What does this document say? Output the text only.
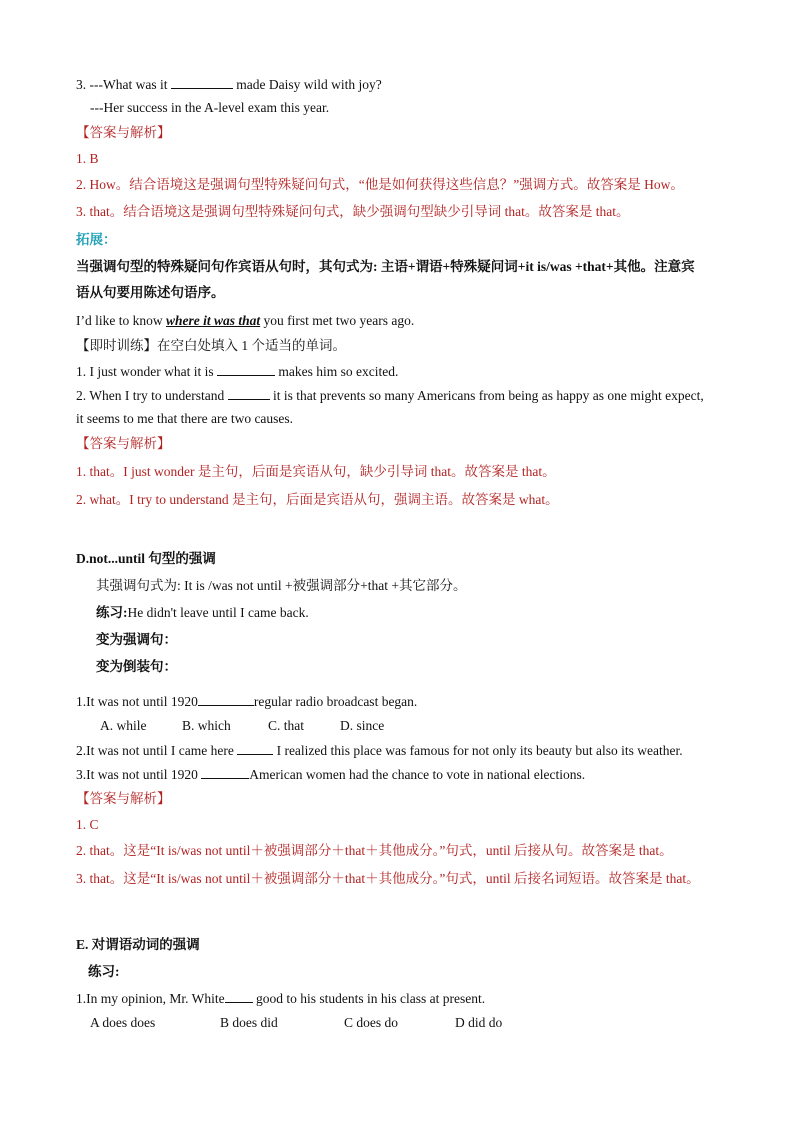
3. ---What was it	made Daisy wild with joy?
---Her success in the A-level exam this year.
【答案与解析】
1. B
2. How。结合语境这是强调句型特殊疑问句式，“他是如何获得这些信息？”强调方式。故答案是 How。
3. that。结合语境这是强调句型特殊疑问句式，缺少强调句型缺少引导词 that。故答案是 that。
拓展：
当强调句型的特殊疑问句作宾语从句时，其句式为: 主语+谓语+特殊疑问词+it is/was +that+其他。注意宾
语从句要用陈述句语序。
I’d like to know where it was that you first met two years ago.
【即时训练】在空白处填入 1 个适当的单词。
1. I just wonder what it is	makes him so excited.
2. When I try to understand	it is that prevents so many Americans from being as happy as one might expect,
it seems to me that there are two causes.
【答案与解析】
1. that。I just wonder 是主句，后面是宾语从句，缺少引导词 that。故答案是 that。
2. what。I try to understand 是主句，后面是宾语从句，强调主语。故答案是 what。
D.not...until 句型的强调
其强调句式为: It is /was not until +被强调部分+that +其它部分。
练习:He didn't leave until I came back.
变为强调句：
变为倒装句：
1.It was not until 1920	regular radio broadcast began.
A. while	B. which	C. that	D. since
2.It was not until I came here	I realized this place was famous for not only its beauty but also its weather.
3.It was not until 1920	American women had the chance to vote in national elections.
【答案与解析】
1. C
2. that。这是“It is/was not until＋被强调部分＋that＋其他成分。”句式，until 后接从句。故答案是 that。
3. that。这是“It is/was not until＋被强调部分＋that＋其他成分。”句式，until 后接名词短语。故答案是 that。
E. 对谓语动词的强调
练习:
1.In my opinion, Mr. White good to his students in his class at present.
A does does	B does did	C does do	D did do
